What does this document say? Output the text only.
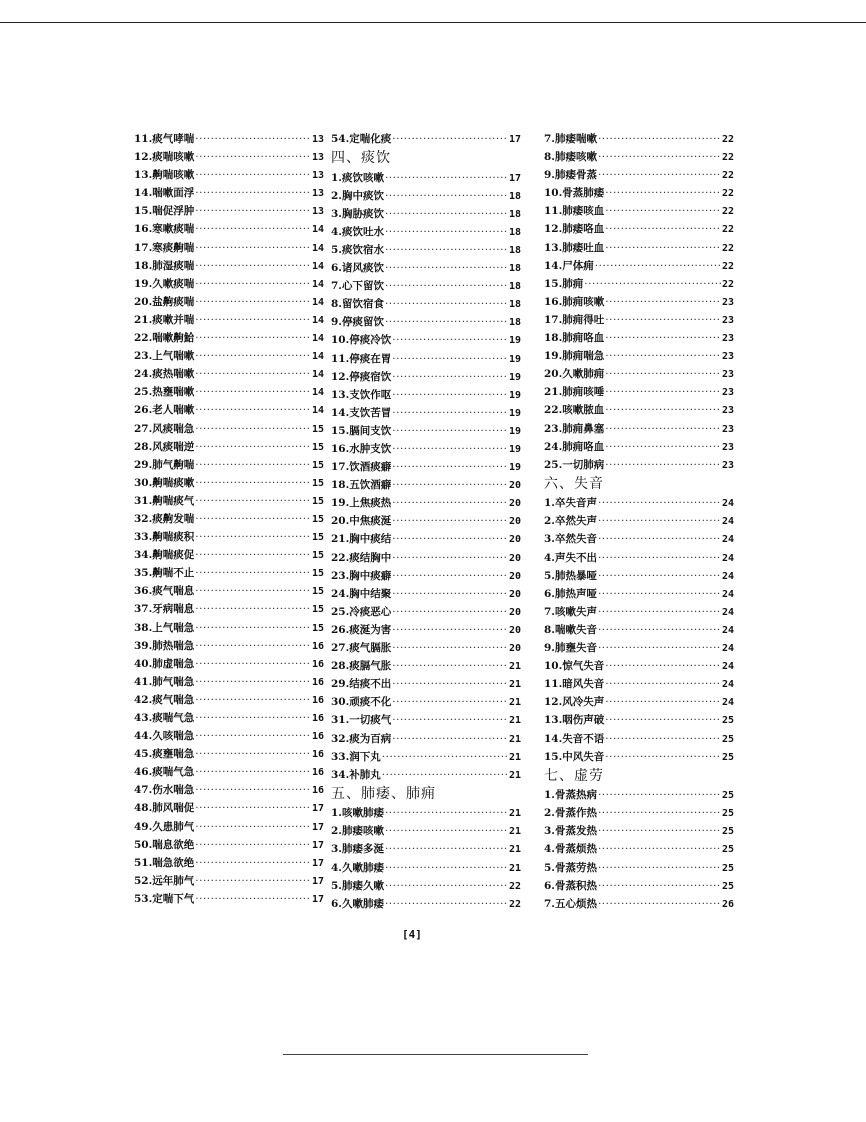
11.痰气哮喘 ·····	13
12.痰喘咳嗽 ·····	13
13.齁喘咳嗽 ·····	13
14.喘嗽面浮 ·····	13
15.喘促浮肿 ·····	13
16.寒嗽痰喘 ·····	14
17.寒痰齁喘 ·····	14
18.肺湿痰喘 ·····	14
19.久嗽痰喘 ·····	14
20.盐齁痰喘 ·····	14
21.痰嗽并喘 ·····	14
22.喘嗽齁鮯 ·····	14
23.上气喘嗽 ·····	14
24.痰热喘嗽 ·····	14
25.热壅喘嗽 ·····	14
26.老人喘嗽 ·····	14
27.风痰喘急 ·····	15
28.风痰喘逆 ·····	15
29.肺气齁喘 ·····	15
30.齁喘痰嗽 ·····	15
31.齁喘痰气 ·····	15
32.痰齁发喘 ·····	15
33.齁喘痰积 ·····	15
34.齁喘痰促 ·····	15
35.齁喘不止 ·····	15
36.痰气喘息 ·····	15
37.牙病喘息 ·····	15
38.上气喘急 ·····	15
39.肺热喘急 ·····	16
40.肺虚喘急 ·····	16
41.肺气喘急 ·····	16
42.痰气喘急 ·····	16
43.痰喘气急 ·····	16
44.久咳喘急 ·····	16
45.痰壅喘急 ·····	16
46.痰喘气急 ·····	16
47.伤水喘急 ·····	16
48.肺风喘促 ·····	17
49.久患肺气 ·····	17
50.喘息欲绝 ·····	17
51.喘急欲绝 ·····	17
52.远年肺气 ·····	17
53.定喘下气 ·····	17
54.定喘化痰 ·····	17
四、痰饮
1.痰饮咳嗽 ·····	17
2.胸中痰饮 ·····	18
3.胸胁痰饮 ·····	18
4.痰饮吐水 ·····	18
5.痰饮宿水 ·····	18
6.诸风痰饮 ·····	18
7.心下留饮 ·····	18
8.留饮宿食 ·····	18
9.停痰留饮 ·····	18
10.停痰冷饮 ·····	19
11.停痰在胃 ·····	19
12.停痰宿饮 ·····	19
13.支饮作呕 ·····	19
14.支饮苦冒 ·····	19
15.膈间支饮 ·····	19
16.水肿支饮 ·····	19
17.饮酒痰癖 ·····	19
18.五饮酒癖 ·····	20
19.上焦痰热 ·····	20
20.中焦痰涎 ·····	20
21.胸中痰结 ·····	20
22.痰结胸中 ·····	20
23.胸中痰癖 ·····	20
24.胸中结聚 ·····	20
25.冷痰恶心 ·····	20
26.痰涎为害 ·····	20
27.痰气膈胀 ·····	20
28.痰膈气胀 ·····	21
29.结痰不出 ·····	21
30.顽痰不化 ·····	21
31.一切痰气 ·····	21
32.痰为百病 ·····	21
33.润下丸 ·····	21
34.补肺丸 ·····	21
五、肺痿、肺痈
1.咳嗽肺痿 ·····	21
2.肺痿咳嗽 ·····	21
3.肺痿多涎 ·····	21
4.久嗽肺痿 ·····	21
5.肺痿久嗽 ·····	22
6.久嗽肺痿 ·····	22
7.肺痿喘嗽 ·····	22
8.肺痿咳嗽 ·····	22
9.肺痿骨蒸 ·····	22
10.骨蒸肺痿 ·····	22
11.肺痿咳血 ·····	22
12.肺痿咯血 ·····	22
13.肺痿吐血 ·····	22
14.尸体痈 ·····	22
15.肺痈 ·····	22
16.肺痈咳嗽 ·····	23
17.肺痈得吐 ·····	23
18.肺痈咯血 ·····	23
19.肺痈喘急 ·····	23
20.久嗽肺痈 ·····	23
21.肺痈咳唾 ·····	23
22.咳嗽脓血 ·····	23
23.肺痈鼻塞 ·····	23
24.肺痈咯血 ·····	23
25.一切肺病 ·····	23
六、失音
1.卒失音声 ·····	24
2.卒然失声 ·····	24
3.卒然失音 ·····	24
4.声失不出 ·····	24
5.肺热暴哑 ·····	24
6.肺热声哑 ·····	24
7.咳嗽失声 ·····	24
8.喘嗽失音 ·····	24
9.肺壅失音 ·····	24
10.惊气失音 ·····	24
11.暗风失音 ·····	24
12.风冷失声 ·····	24
13.咽伤声破 ·····	25
14.失音不语 ·····	25
15.中风失音 ·····	25
七、虚劳
1.骨蒸热病 ·····	25
2.骨蒸作热 ·····	25
3.骨蒸发热 ·····	25
4.骨蒸烦热 ·····	25
5.骨蒸劳热 ·····	25
6.骨蒸积热 ·····	25
7.五心烦热 ·····	26
[4]
